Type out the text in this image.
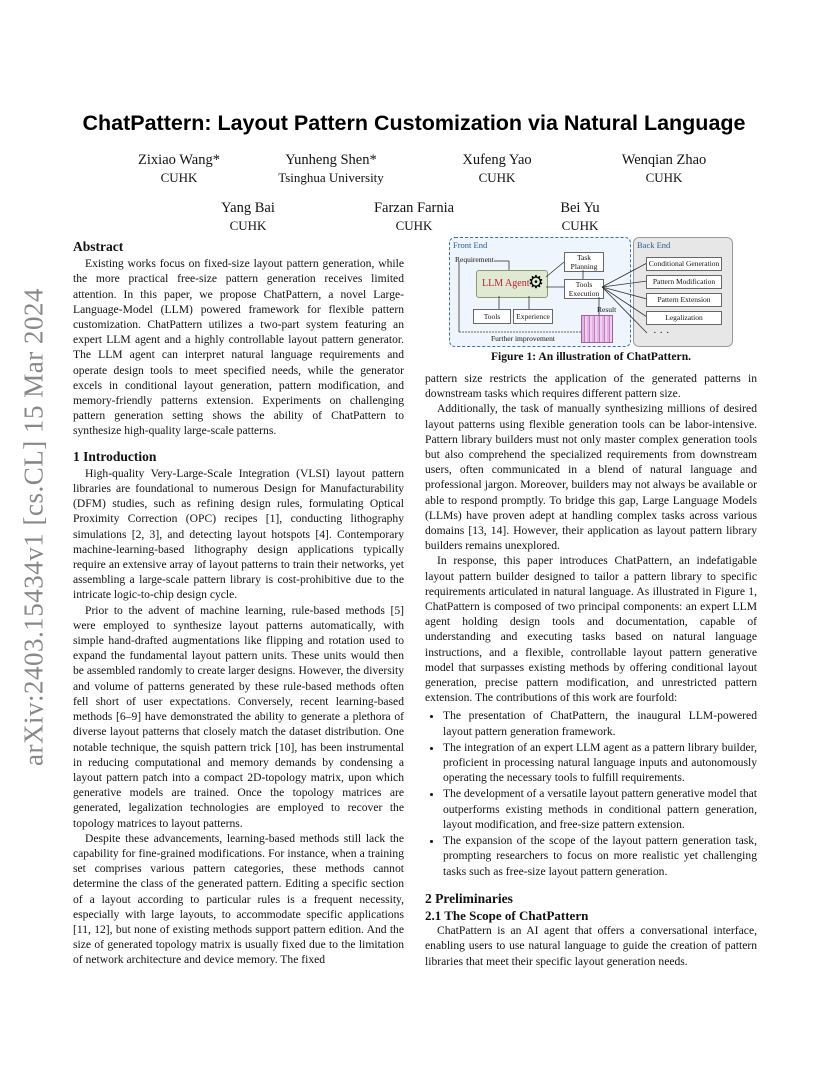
arXiv:2403.15434v1 [cs.CL] 15 Mar 2024
ChatPattern: Layout Pattern Customization via Natural Language
Zixiao Wang*
CUHK
Yunheng Shen*
Tsinghua University
Xufeng Yao
CUHK
Wenqian Zhao
CUHK
Yang Bai
CUHK
Farzan Farnia
CUHK
Bei Yu
CUHK
Abstract

Existing works focus on fixed-size layout pattern generation, while the more practical free-size pattern generation receives limited attention. In this paper, we propose ChatPattern, a novel Large-Language-Model (LLM) powered framework for flexible pattern customization. ChatPattern utilizes a two-part system featuring an expert LLM agent and a highly controllable layout pattern generator. The LLM agent can interpret natural language requirements and operate design tools to meet specified needs, while the generator excels in conditional layout generation, pattern modification, and memory-friendly patterns extension. Experiments on challenging pattern generation setting shows the ability of ChatPattern to synthesize high-quality large-scale patterns.

1 Introduction

High-quality Very-Large-Scale Integration (VLSI) layout pattern libraries are foundational to numerous Design for Manufacturability (DFM) studies, such as refining design rules, formulating Optical Proximity Correction (OPC) recipes [1], conducting lithography simulations [2, 3], and detecting layout hotspots [4]. Contemporary machine-learning-based lithography design applications typically require an extensive array of layout patterns to train their networks, yet assembling a large-scale pattern library is cost-prohibitive due to the intricate logic-to-chip design cycle.

Prior to the advent of machine learning, rule-based methods [5] were employed to synthesize layout patterns automatically, with simple hand-drafted augmentations like flipping and rotation used to expand the fundamental layout pattern units. These units would then be assembled randomly to create larger designs. However, the diversity and volume of patterns generated by these rule-based methods often fell short of user expectations. Conversely, recent learning-based methods [6–9] have demonstrated the ability to generate a plethora of diverse layout patterns that closely match the dataset distribution. One notable technique, the squish pattern trick [10], has been instrumental in reducing computational and memory demands by condensing a layout pattern patch into a compact 2D-topology matrix, upon which generative models are trained. Once the topology matrices are generated, legalization technologies are employed to recover the topology matrices to layout patterns.

Despite these advancements, learning-based methods still lack the capability for fine-grained modifications. For instance, when a training set comprises various pattern categories, these methods cannot determine the class of the generated pattern. Editing a specific section of a layout according to particular rules is a frequent necessity, especially with large layouts, to accommodate specific applications [11, 12], but none of existing methods support pattern edition. And the size of generated topology matrix is usually fixed due to the limitation of network architecture and device memory. The fixed

Front End	Back End
Requirement	Task Planning
LLM Agent
⚙	Tools Execution
Tools	Experience
Result
Further improvement
Conditional Generation
Pattern Modification
Pattern Extension
Legalization
· · ·
Figure 1: An illustration of ChatPattern.

pattern size restricts the application of the generated patterns in downstream tasks which requires different pattern size.

Additionally, the task of manually synthesizing millions of desired layout patterns using flexible generation tools can be labor-intensive. Pattern library builders must not only master complex generation tools but also comprehend the specialized requirements from downstream users, often communicated in a blend of natural language and professional jargon. Moreover, builders may not always be available or able to respond promptly. To bridge this gap, Large Language Models (LLMs) have proven adept at handling complex tasks across various domains [13, 14]. However, their application as layout pattern library builders remains unexplored.

In response, this paper introduces ChatPattern, an indefatigable layout pattern builder designed to tailor a pattern library to specific requirements articulated in natural language. As illustrated in Figure 1, ChatPattern is composed of two principal components: an expert LLM agent holding design tools and documentation, capable of understanding and executing tasks based on natural language instructions, and a flexible, controllable layout pattern generative model that surpasses existing methods by offering conditional layout generation, precise pattern modification, and unrestricted pattern extension. The contributions of this work are fourfold:

• The presentation of ChatPattern, the inaugural LLM-powered layout pattern generation framework.
• The integration of an expert LLM agent as a pattern library builder, proficient in processing natural language inputs and autonomously operating the necessary tools to fulfill requirements.
• The development of a versatile layout pattern generative model that outperforms existing methods in conditional pattern generation, layout modification, and free-size pattern extension.
• The expansion of the scope of the layout pattern generation task, prompting researchers to focus on more realistic yet challenging tasks such as free-size layout pattern generation.
2 Preliminaries
2.1 The Scope of ChatPattern

ChatPattern is an AI agent that offers a conversational interface, enabling users to use natural language to guide the creation of pattern libraries that meet their specific layout generation needs.
